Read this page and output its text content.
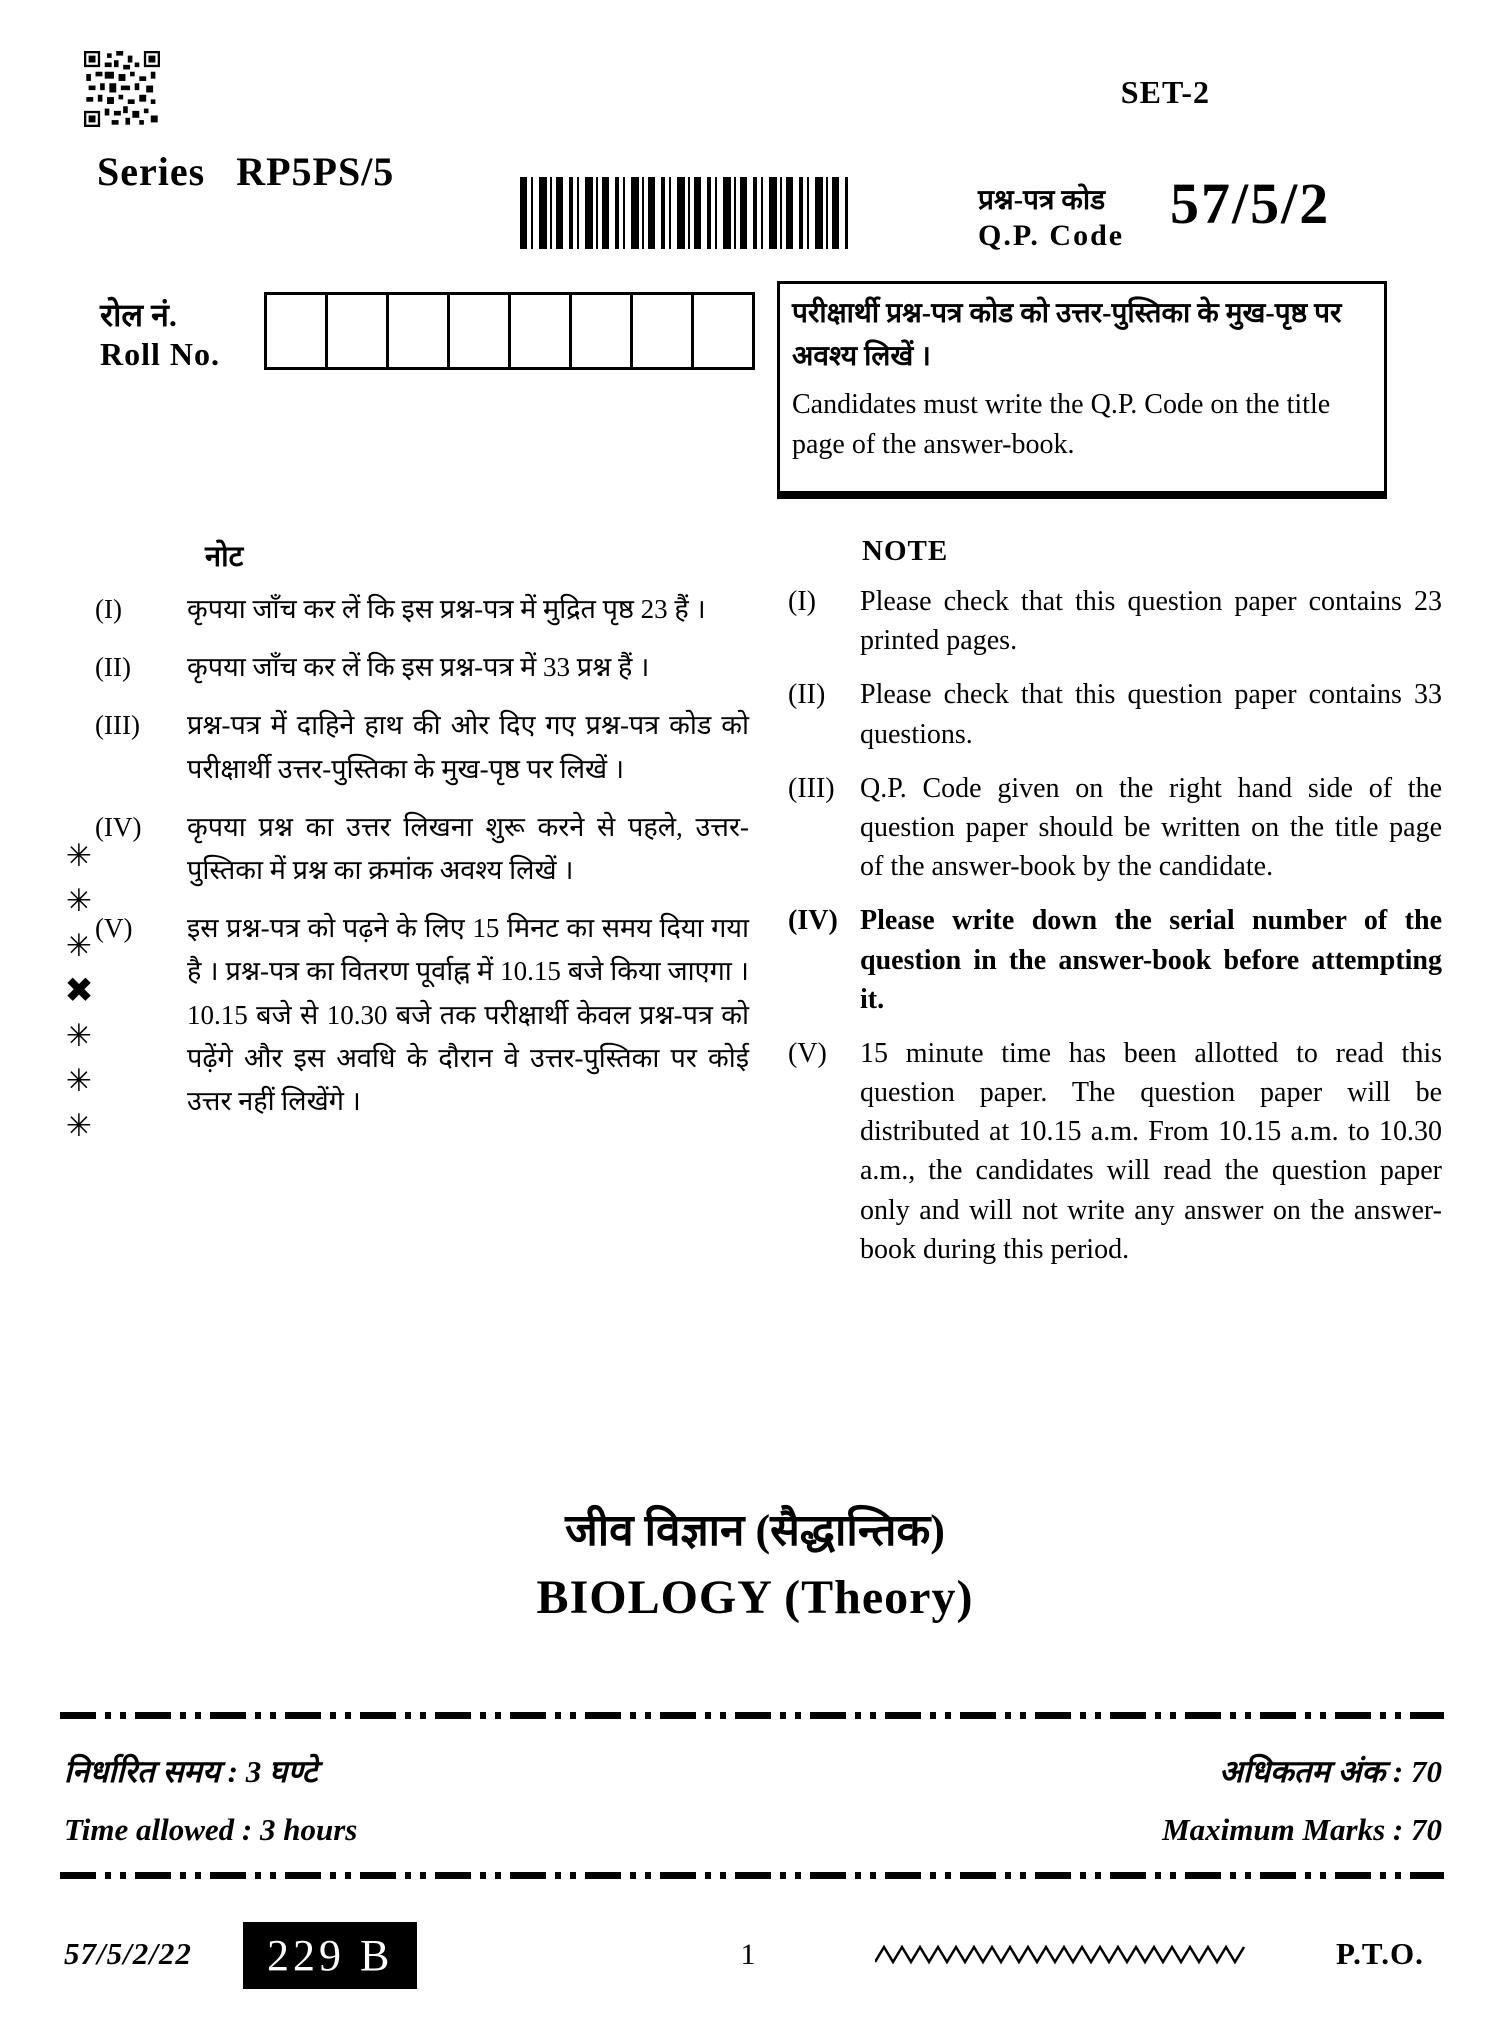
Series RP5PS/5
SET-2
प्रश्न-पत्र कोड
Q.P. Code 57/5/2
रोल नं.
Roll No.

परीक्षार्थी प्रश्न-पत्र कोड को उत्तर-पुस्तिका के मुख-पृष्ठ पर अवश्य लिखें ।
Candidates must write the Q.P. Code on the title page of the answer-book.
नोट
(I)	कृपया जाँच कर लें कि इस प्रश्न-पत्र में मुद्रित पृष्ठ 23 हैं ।
(II)	कृपया जाँच कर लें कि इस प्रश्न-पत्र में 33 प्रश्न हैं ।
(III)	प्रश्न-पत्र में दाहिने हाथ की ओर दिए गए प्रश्न-पत्र कोड को परीक्षार्थी उत्तर-पुस्तिका के मुख-पृष्ठ पर लिखें ।
(IV)	कृपया प्रश्न का उत्तर लिखना शुरू करने से पहले, उत्तर-पुस्तिका में प्रश्न का क्रमांक अवश्य लिखें ।
(V)	इस प्रश्न-पत्र को पढ़ने के लिए 15 मिनट का समय दिया गया है । प्रश्न-पत्र का वितरण पूर्वाह्न में 10.15 बजे किया जाएगा । 10.15 बजे से 10.30 बजे तक परीक्षार्थी केवल प्रश्न-पत्र को पढ़ेंगे और इस अवधि के दौरान वे उत्तर-पुस्तिका पर कोई उत्तर नहीं लिखेंगे ।
NOTE
(I)	Please check that this question paper contains 23 printed pages.
(II)	Please check that this question paper contains 33 questions.
(III) Q.P. Code given on the right hand side of the question paper should be written on the title page of the answer-book by the candidate.
(IV) Please write down the serial number of the question in the answer-book before attempting it.
(V)	15 minute time has been allotted to read this question paper. The question paper will be distributed at 10.15 a.m. From 10.15 a.m. to 10.30 a.m., the candidates will read the question paper only and will not write any answer on the answer-book during this period.
✳
✳
✳
✖
✳
✳
✳
जीव विज्ञान (सैद्धान्तिक)
BIOLOGY (Theory)
निर्धारित समय : 3 घण्टे	अधिकतम अंक : 70
Time allowed : 3 hours	Maximum Marks : 70
57/5/2/22	229 B	1	P.T.O.
